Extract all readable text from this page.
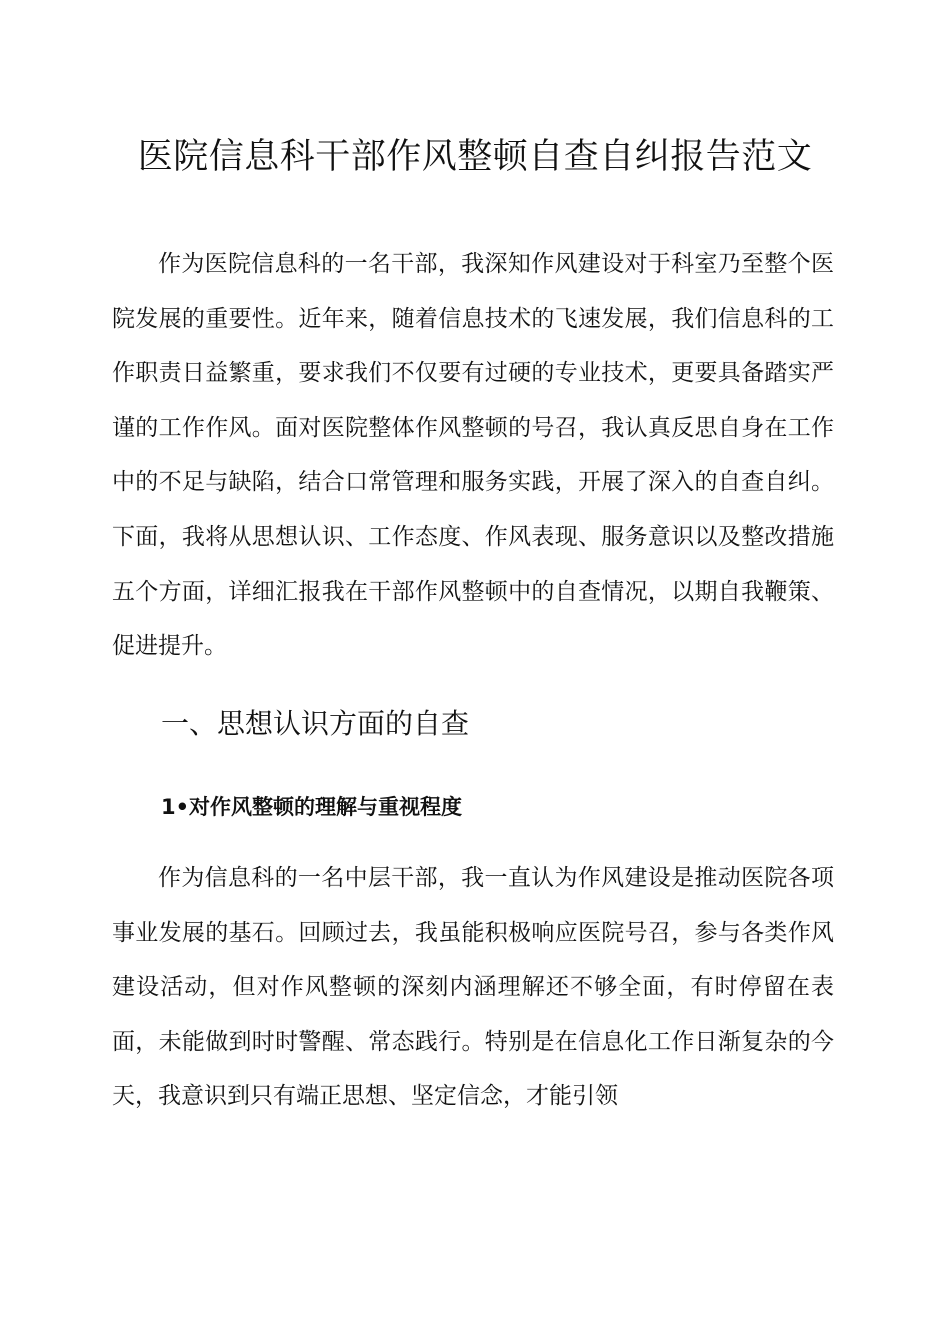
医院信息科干部作风整顿自查自纠报告范文

作为医院信息科的一名干部，我深知作风建设对于科室乃至整个医院发展的重要性。近年来，随着信息技术的飞速发展，我们信息科的工作职责日益繁重，要求我们不仅要有过硬的专业技术，更要具备踏实严谨的工作作风。面对医院整体作风整顿的号召，我认真反思自身在工作中的不足与缺陷，结合口常管理和服务实践，开展了深入的自查自纠。下面，我将从思想认识、工作态度、作风表现、服务意识以及整改措施五个方面，详细汇报我在干部作风整顿中的自查情况，以期自我鞭策、促进提升。

一、思想认识方面的自查
1•对作风整顿的理解与重视程度

作为信息科的一名中层干部，我一直认为作风建设是推动医院各项事业发展的基石。回顾过去，我虽能积极响应医院号召，参与各类作风建设活动，但对作风整顿的深刻内涵理解还不够全面，有时停留在表面，未能做到时时警醒、常态践行。特别是在信息化工作日渐复杂的今天，我意识到只有端正思想、坚定信念，才能引领
